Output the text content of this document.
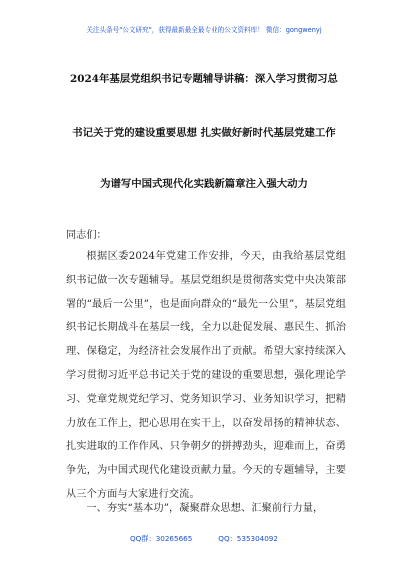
关注头条号"公文研究"，获得最新最全最专业的公文资料库！ 微信：gongwenyj
2024年基层党组织书记专题辅导讲稿：深入学习贯彻习总
书记关于党的建设重要思想 扎实做好新时代基层党建工作
为谱写中国式现代化实践新篇章注入强大动力
同志们：
根据区委2024年党建工作安排，今天，由我给基层党组织书记做一次专题辅导。基层党组织是贯彻落实党中央决策部署的“最后一公里”，也是面向群众的“最先一公里”，基层党组织书记长期战斗在基层一线，全力以赴促发展、惠民生、抓治理、保稳定，为经济社会发展作出了贡献。希望大家持续深入学习贯彻习近平总书记关于党的建设的重要思想，强化理论学习、党章党规党纪学习、党务知识学习、业务知识学习，把精力放在工作上，把心思用在实干上，以奋发昂扬的精神状态、扎实进取的工作作风、只争朝夕的拼搏劲头，迎难而上，奋勇争先，为中国式现代化建设贡献力量。今天的专题辅导，主要从三个方面与大家进行交流。
一、夯实“基本功”，凝聚群众思想、汇聚前行力量，
QQ群：30265665	QQ：535304092
